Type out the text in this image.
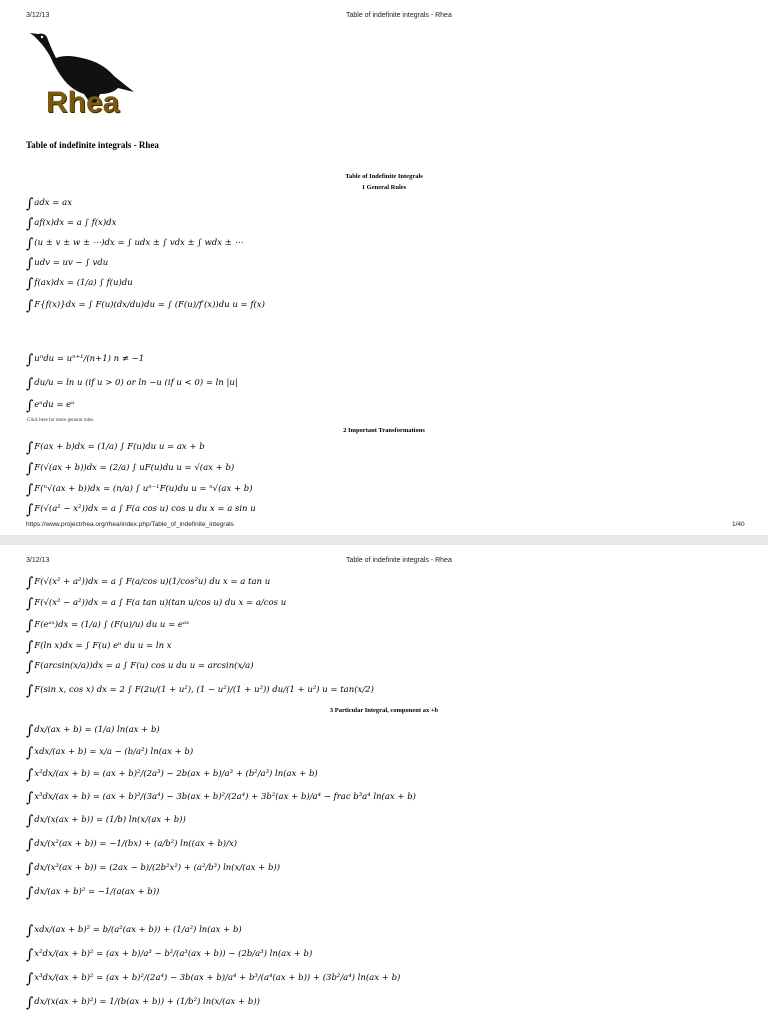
3/12/13	Table of indefinite integrals - Rhea
Rhea
Table of indefinite integrals - Rhea
Table of Indefinite Integrals
1 General Rules
∫adx = ax
∫af(x)dx = a ∫ f(x)dx
∫(u ± v ± w ± ⋯)dx = ∫ udx ± ∫ vdx ± ∫ wdx ± ⋯
∫udv = uv − ∫ vdu
∫f(ax)dx = (1/a) ∫ f(u)du
∫F{f(x)}dx = ∫ F(u)(dx/du)du = ∫ (F(u)/f′(x))du u = f(x)
∫uⁿdu = uⁿ⁺¹/(n+1) n ≠ −1
∫du/u = ln u (if u > 0) or ln −u (if u < 0) = ln |u|
∫eᵘdu = eᵘ
Click here for more general rules.
2 Important Transformations
∫F(ax + b)dx = (1/a) ∫ F(u)du u = ax + b
∫F(√(ax + b))dx = (2/a) ∫ uF(u)du u = √(ax + b)
∫F(ⁿ√(ax + b))dx = (n/a) ∫ uⁿ⁻¹F(u)du u = ⁿ√(ax + b)
∫F(√(a² − x²))dx = a ∫ F(a cos u) cos u du x = a sin u
https://www.projectrhea.org/rhea/index.php/Table_of_indefinite_integrals	1/40
3/12/13	Table of indefinite integrals - Rhea
∫F(√(x² + a²))dx = a ∫ F(a/cos u)(1/cos²u) du x = a tan u
∫F(√(x² − a²))dx = a ∫ F(a tan u)(tan u/cos u) du x = a/cos u
∫F(eᵃˣ)dx = (1/a) ∫ (F(u)/u) du u = eᵃˣ
∫F(ln x)dx = ∫ F(u) eᵘ du u = ln x
∫F(arcsin(x/a))dx = a ∫ F(u) cos u du u = arcsin(x/a)
∫F(sin x, cos x) dx = 2 ∫ F(2u/(1 + u²), (1 − u²)/(1 + u²)) du/(1 + u²) u = tan(x/2)
3 Particular Integral, component ax +b
∫dx/(ax + b) = (1/a) ln(ax + b)
∫xdx/(ax + b) = x/a − (b/a²) ln(ax + b)
∫x²dx/(ax + b) = (ax + b)²/(2a³) − 2b(ax + b)/a³ + (b²/a³) ln(ax + b)
∫x³dx/(ax + b) = (ax + b)³/(3a⁴) − 3b(ax + b)²/(2a⁴) + 3b²(ax + b)/a⁴ − frac b³a⁴ ln(ax + b)
∫dx/(x(ax + b)) = (1/b) ln(x/(ax + b))
∫dx/(x²(ax + b)) = −1/(bx) + (a/b²) ln((ax + b)/x)
∫dx/(x³(ax + b)) = (2ax − b)/(2b²x²) + (a²/b³) ln(x/(ax + b))
∫dx/(ax + b)² = −1/(a(ax + b))
∫xdx/(ax + b)² = b/(a²(ax + b)) + (1/a²) ln(ax + b)
∫x²dx/(ax + b)² = (ax + b)/a³ − b²/(a³(ax + b)) − (2b/a³) ln(ax + b)
∫x³dx/(ax + b)² = (ax + b)²/(2a⁴) − 3b(ax + b)/a⁴ + b³/(a⁴(ax + b)) + (3b²/a⁴) ln(ax + b)
∫dx/(x(ax + b)²) = 1/(b(ax + b)) + (1/b²) ln(x/(ax + b))
